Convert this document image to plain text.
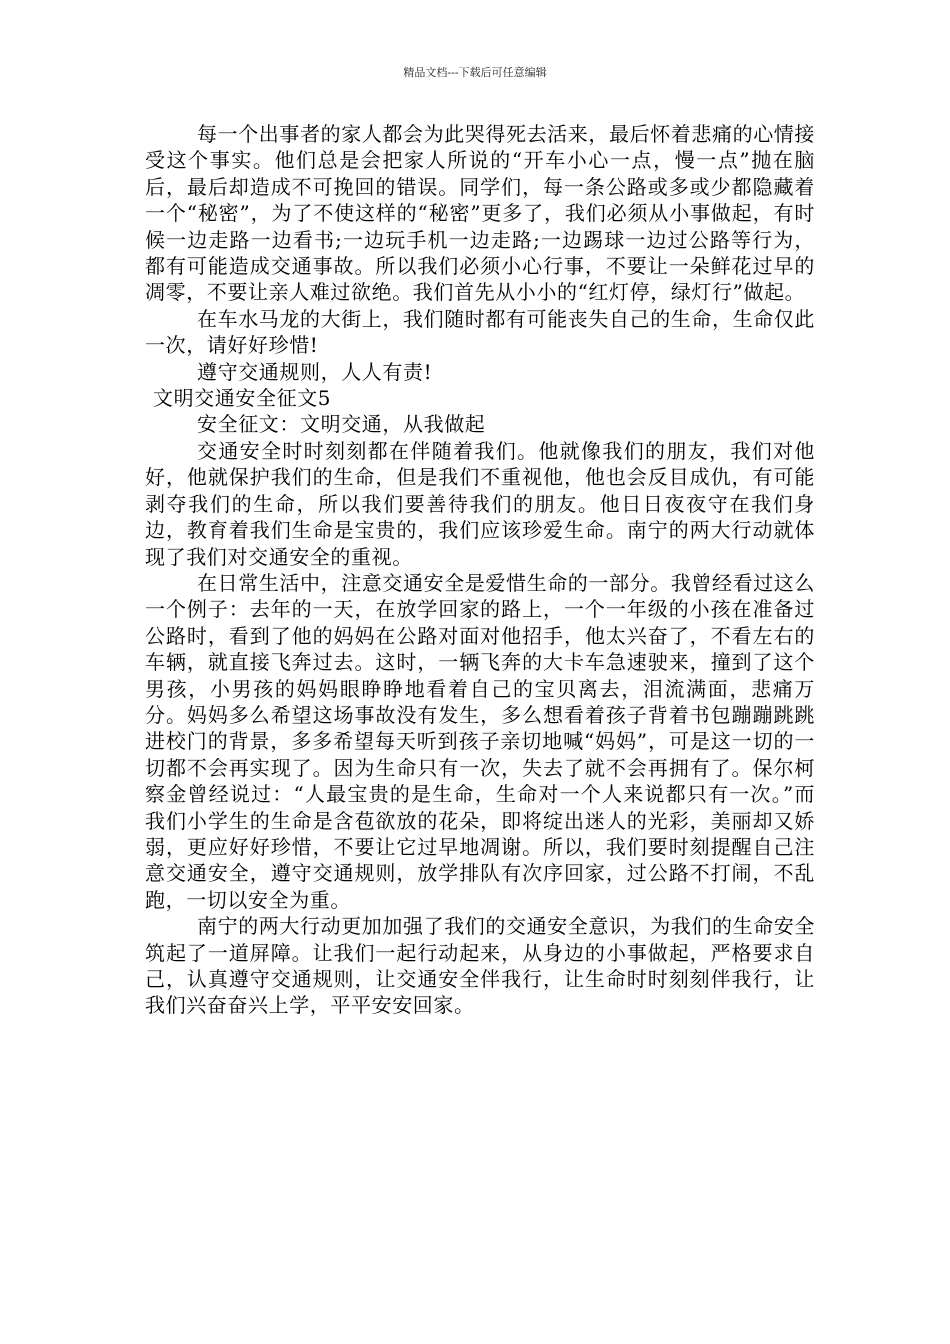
精品文档---下载后可任意编辑

每一个出事者的家人都会为此哭得死去活来，最后怀着悲痛的心情接受这个事实。他们总是会把家人所说的“开车小心一点，慢一点”抛在脑后，最后却造成不可挽回的错误。同学们，每一条公路或多或少都隐藏着一个“秘密”，为了不使这样的“秘密”更多了，我们必须从小事做起，有时候一边走路一边看书;一边玩手机一边走路;一边踢球一边过公路等行为，都有可能造成交通事故。所以我们必须小心行事，不要让一朵鲜花过早的凋零，不要让亲人难过欲绝。我们首先从小小的“红灯停，绿灯行”做起。

在车水马龙的大街上，我们随时都有可能丧失自己的生命，生命仅此一次，请好好珍惜!

遵守交通规则，人人有责!

文明交通安全征文5

安全征文：文明交通，从我做起

交通安全时时刻刻都在伴随着我们。他就像我们的朋友，我们对他好，他就保护我们的生命，但是我们不重视他，他也会反目成仇，有可能剥夺我们的生命，所以我们要善待我们的朋友。他日日夜夜守在我们身边，教育着我们生命是宝贵的，我们应该珍爱生命。南宁的两大行动就体现了我们对交通安全的重视。

在日常生活中，注意交通安全是爱惜生命的一部分。我曾经看过这么一个例子：去年的一天，在放学回家的路上，一个一年级的小孩在准备过公路时，看到了他的妈妈在公路对面对他招手，他太兴奋了，不看左右的车辆，就直接飞奔过去。这时，一辆飞奔的大卡车急速驶来，撞到了这个男孩，小男孩的妈妈眼睁睁地看着自己的宝贝离去，泪流满面，悲痛万分。妈妈多么希望这场事故没有发生，多么想看着孩子背着书包蹦蹦跳跳进校门的背景，多多希望每天听到孩子亲切地喊“妈妈”，可是这一切的一切都不会再实现了。因为生命只有一次，失去了就不会再拥有了。保尔柯察金曾经说过：“人最宝贵的是生命，生命对一个人来说都只有一次。”而我们小学生的生命是含苞欲放的花朵，即将绽出迷人的光彩，美丽却又娇弱，更应好好珍惜，不要让它过早地凋谢。所以，我们要时刻提醒自己注意交通安全，遵守交通规则，放学排队有次序回家，过公路不打闹，不乱跑，一切以安全为重。

南宁的两大行动更加加强了我们的交通安全意识，为我们的生命安全筑起了一道屏障。让我们一起行动起来，从身边的小事做起，严格要求自己，认真遵守交通规则，让交通安全伴我行，让生命时时刻刻伴我行，让我们兴奋奋兴上学，平平安安回家。
